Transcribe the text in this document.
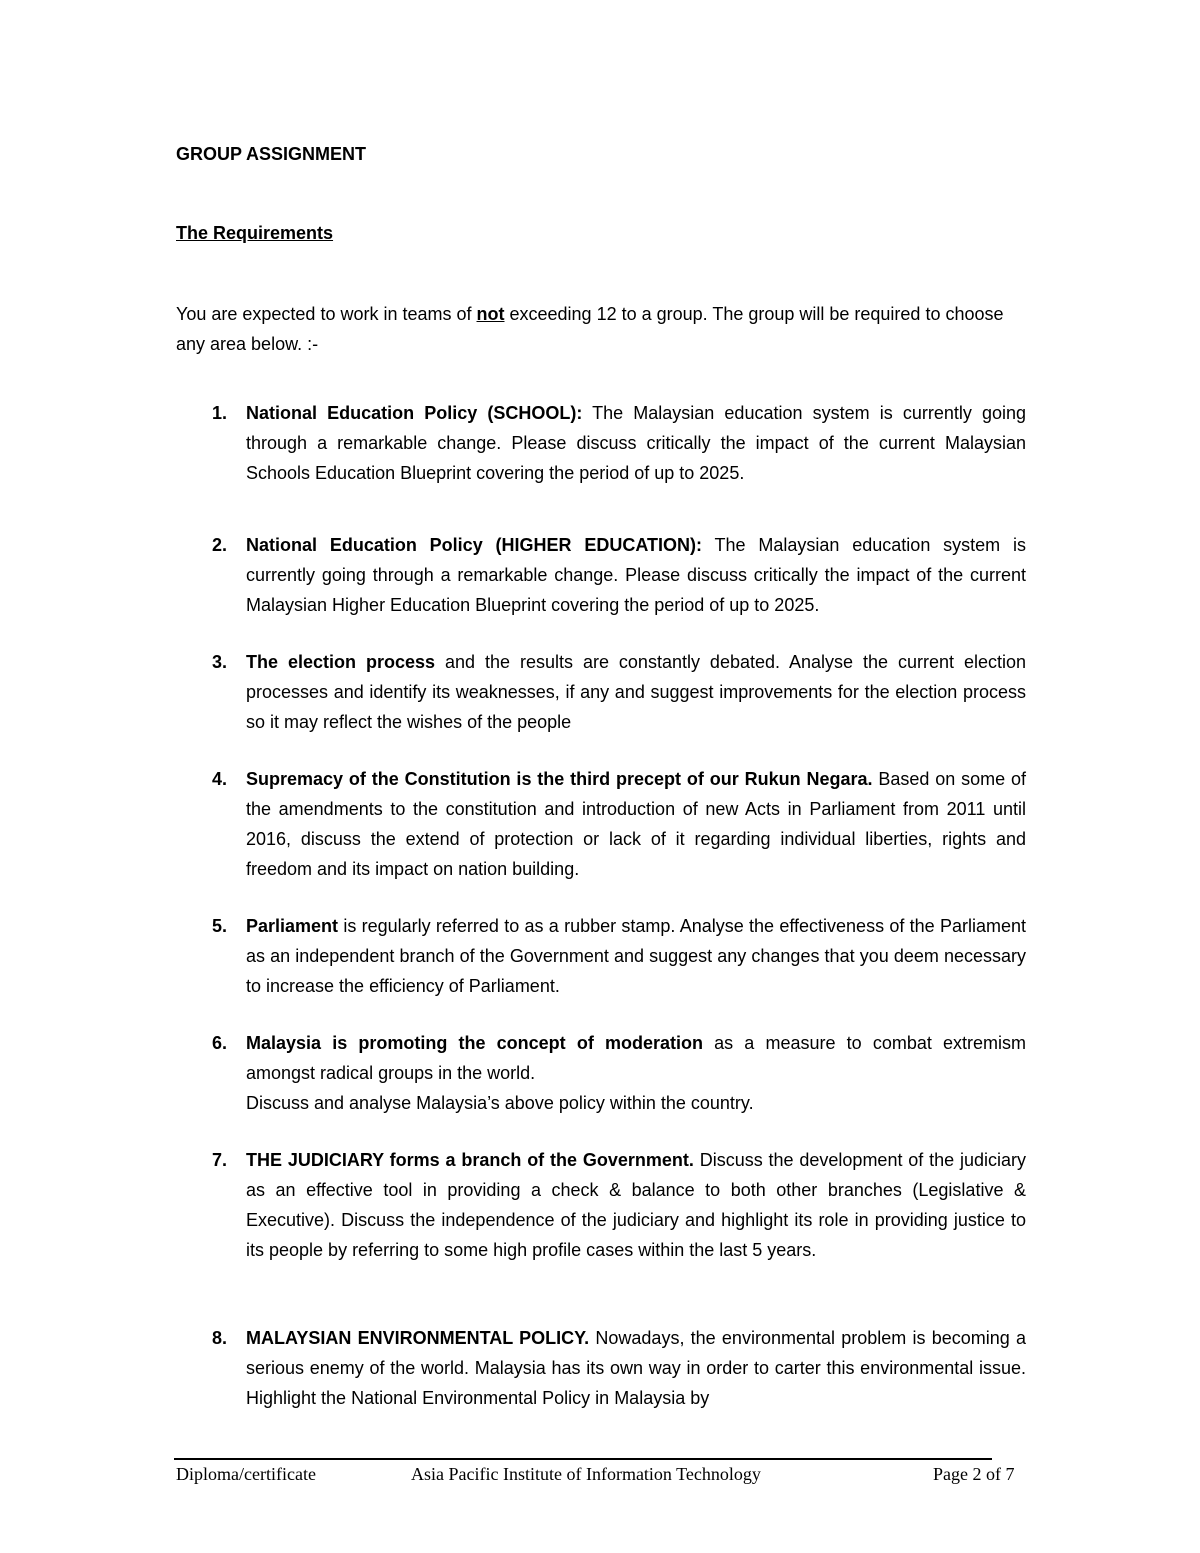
GROUP ASSIGNMENT
The Requirements
You are expected to work in teams of not exceeding 12 to a group. The group will be required to choose any area below. :-
1. National Education Policy (SCHOOL): The Malaysian education system is currently going through a remarkable change. Please discuss critically the impact of the current Malaysian Schools Education Blueprint covering the period of up to 2025.
2. National Education Policy (HIGHER EDUCATION): The Malaysian education system is currently going through a remarkable change. Please discuss critically the impact of the current Malaysian Higher Education Blueprint covering the period of up to 2025.
3. The election process and the results are constantly debated. Analyse the current election processes and identify its weaknesses, if any and suggest improvements for the election process so it may reflect the wishes of the people
4. Supremacy of the Constitution is the third precept of our Rukun Negara. Based on some of the amendments to the constitution and introduction of new Acts in Parliament from 2011 until 2016, discuss the extend of protection or lack of it regarding individual liberties, rights and freedom and its impact on nation building.
5. Parliament is regularly referred to as a rubber stamp. Analyse the effectiveness of the Parliament as an independent branch of the Government and suggest any changes that you deem necessary to increase the efficiency of Parliament.
6. Malaysia is promoting the concept of moderation as a measure to combat extremism amongst radical groups in the world.
Discuss and analyse Malaysia’s above policy within the country.
7. THE JUDICIARY forms a branch of the Government. Discuss the development of the judiciary as an effective tool in providing a check & balance to both other branches (Legislative & Executive). Discuss the independence of the judiciary and highlight its role in providing justice to its people by referring to some high profile cases within the last 5 years.
8. MALAYSIAN ENVIRONMENTAL POLICY. Nowadays, the environmental problem is becoming a serious enemy of the world. Malaysia has its own way in order to carter this environmental issue. Highlight the National Environmental Policy in Malaysia by
Diploma/certificate	Asia Pacific Institute of Information Technology	Page 2 of 7
